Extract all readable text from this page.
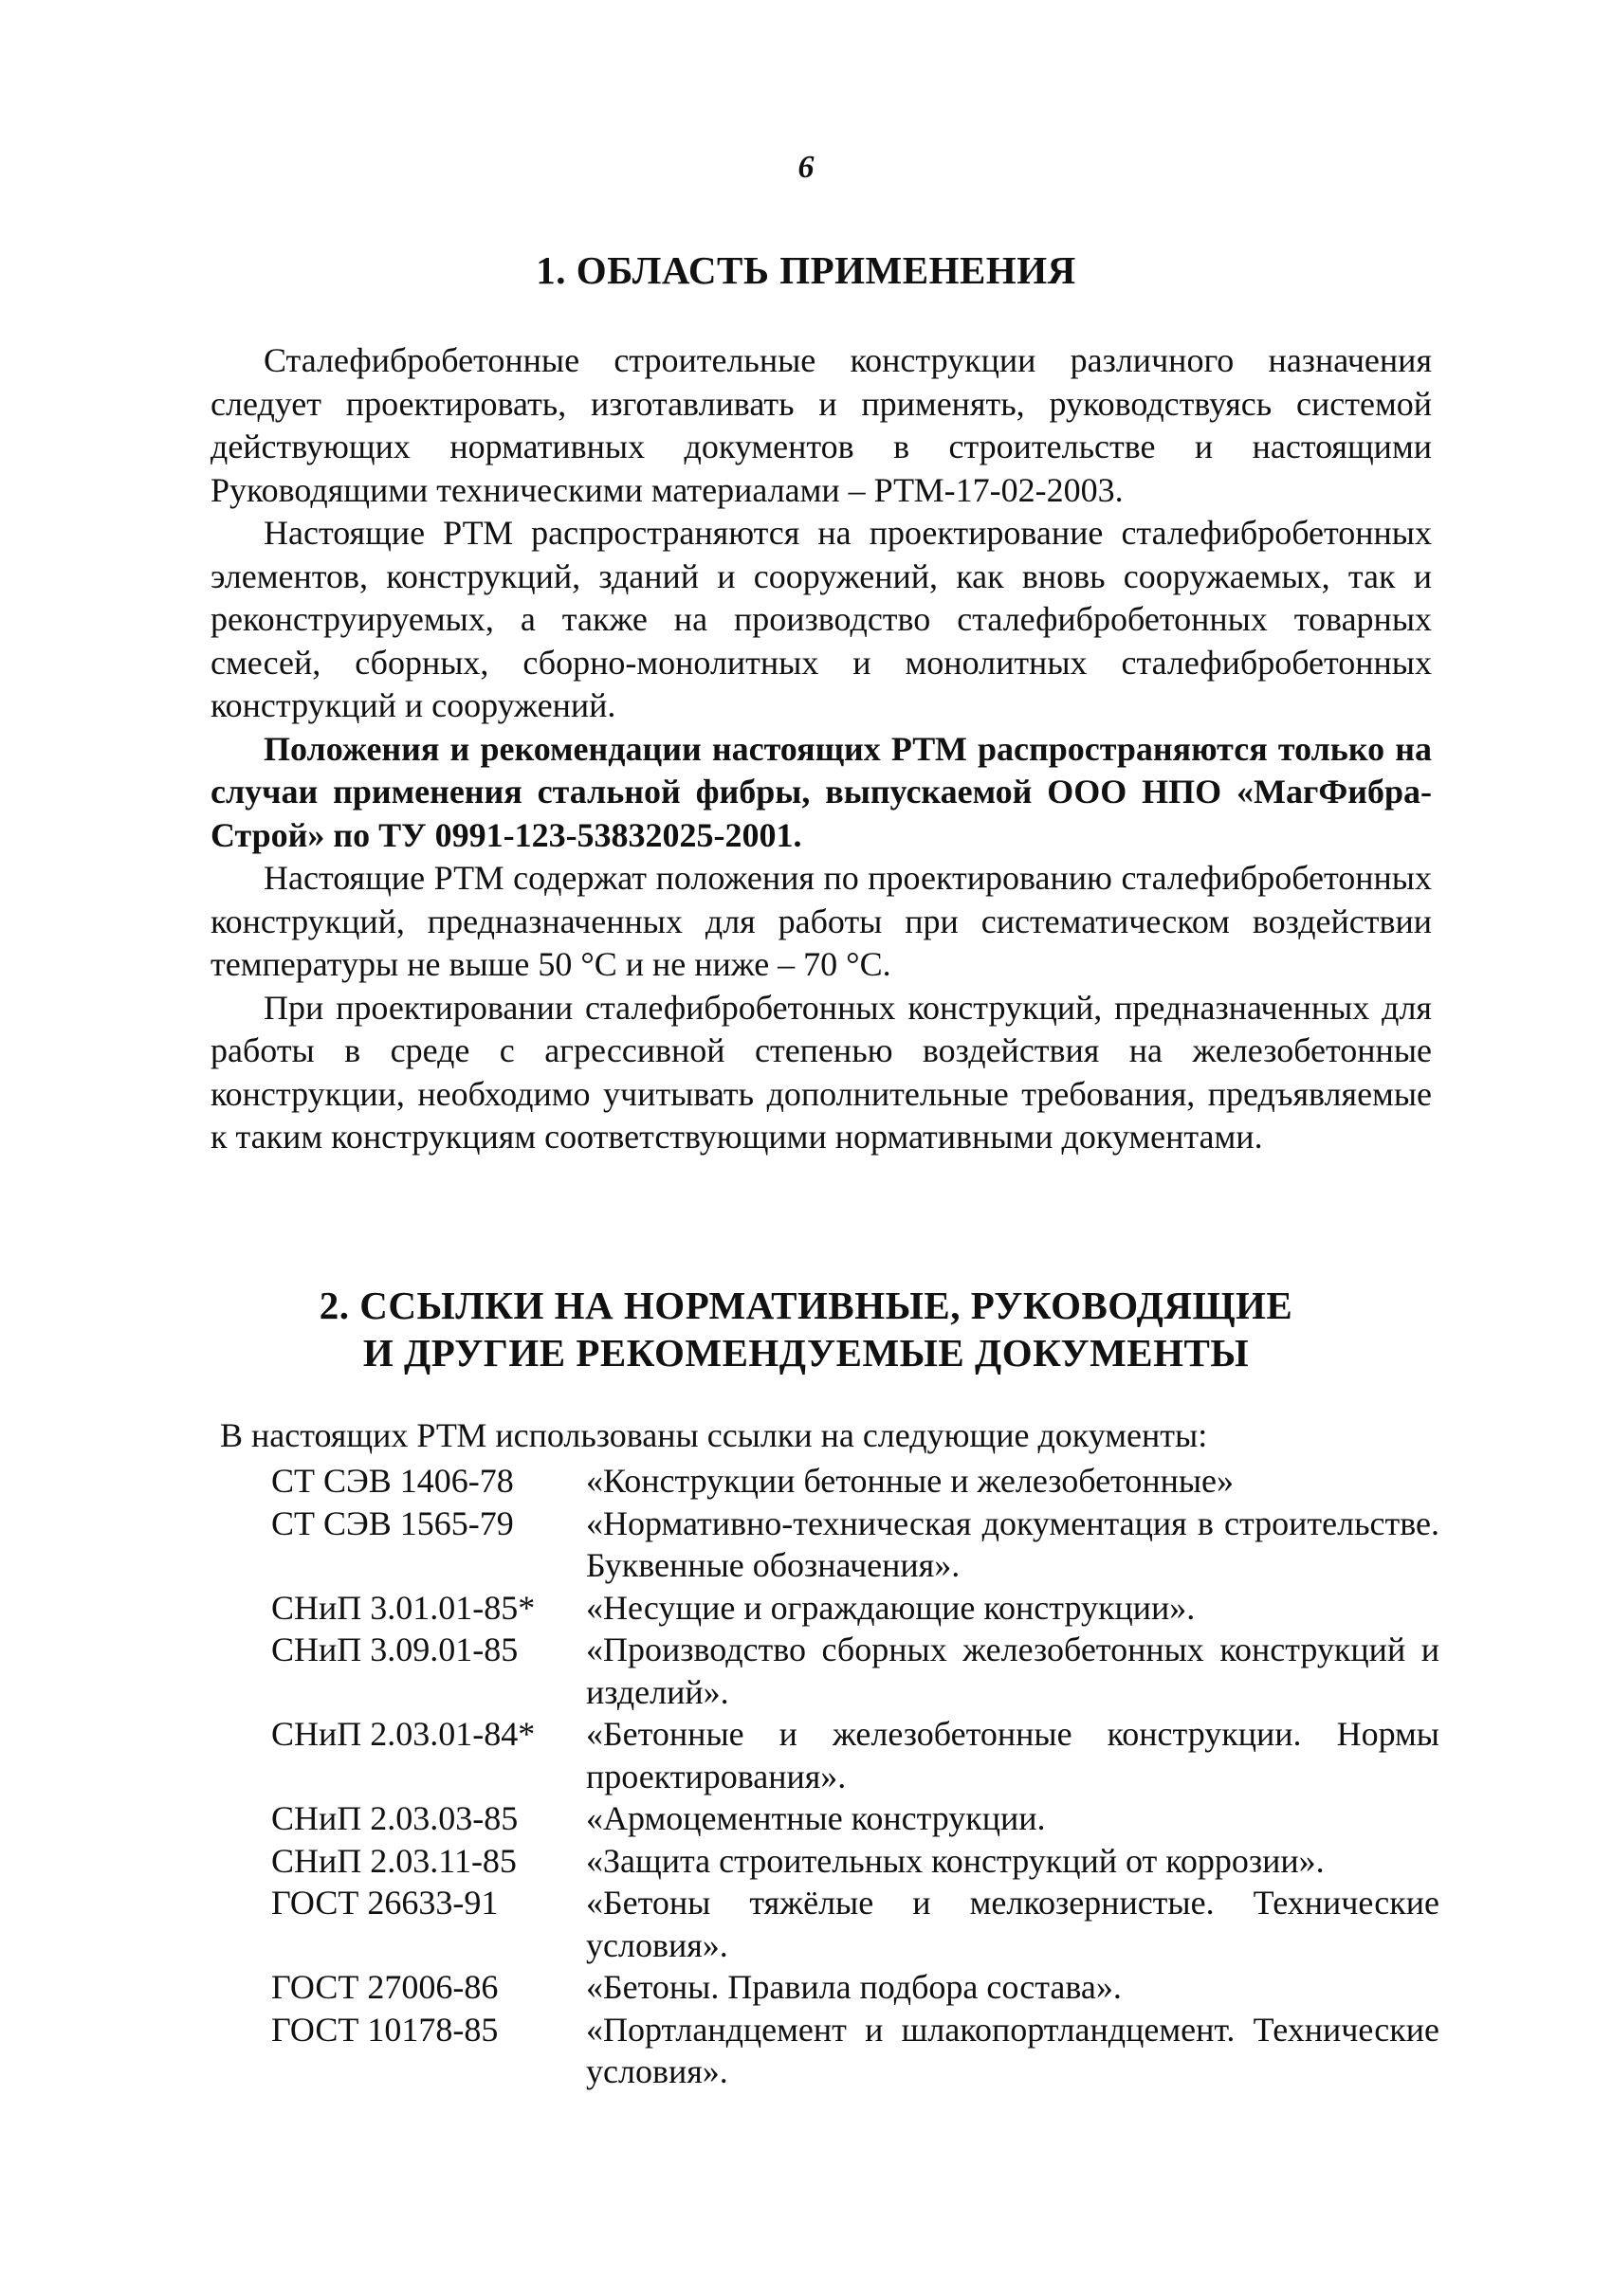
6
1. ОБЛАСТЬ ПРИМЕНЕНИЯ

Сталефибробетонные строительные конструкции различного назначения следует проектировать, изготавливать и применять, руководствуясь системой действующих нормативных документов в строительстве и настоящими Руководящими техническими материалами – РТМ-17-02-2003.

Настоящие РТМ распространяются на проектирование сталефибробетонных элементов, конструкций, зданий и сооружений, как вновь сооружаемых, так и реконструируемых, а также на производство сталефибробетонных товарных смесей, сборных, сборно-монолитных и монолитных сталефибробетонных конструкций и сооружений.

Положения и рекомендации настоящих РТМ распространяются только на случаи применения стальной фибры, выпускаемой ООО НПО «МагФибра-Строй» по ТУ 0991-123-53832025-2001.

Настоящие РТМ содержат положения по проектированию сталефибробетонных конструкций, предназначенных для работы при систематическом воздействии температуры не выше 50 °С и не ниже – 70 °С.

При проектировании сталефибробетонных конструкций, предназначенных для работы в среде с агрессивной степенью воздействия на железобетонные конструкции, необходимо учитывать дополнительные требования, предъявляемые к таким конструкциям соответствующими нормативными документами.

2. ССЫЛКИ НА НОРМАТИВНЫЕ, РУКОВОДЯЩИЕ
И ДРУГИЕ РЕКОМЕНДУЕМЫЕ ДОКУМЕНТЫ
В настоящих РТМ использованы ссылки на следующие документы:
СТ СЭВ 1406-78	«Конструкции бетонные и железобетонные»
СТ СЭВ 1565-79	«Нормативно-техническая документация в строительстве. Буквенные обозначения».
СНиП 3.01.01-85*	«Несущие и ограждающие конструкции».
СНиП 3.09.01-85	«Производство сборных железобетонных конструкций и изделий».
СНиП 2.03.01-84*	«Бетонные и железобетонные конструкции. Нормы проектирования».
СНиП 2.03.03-85	«Армоцементные конструкции.
СНиП 2.03.11-85	«Защита строительных конструкций от коррозии».
ГОСТ 26633-91	«Бетоны тяжёлые и мелкозернистые. Технические условия».
ГОСТ 27006-86	«Бетоны. Правила подбора состава».
ГОСТ 10178-85	«Портландцемент и шлакопортландцемент. Технические условия».
